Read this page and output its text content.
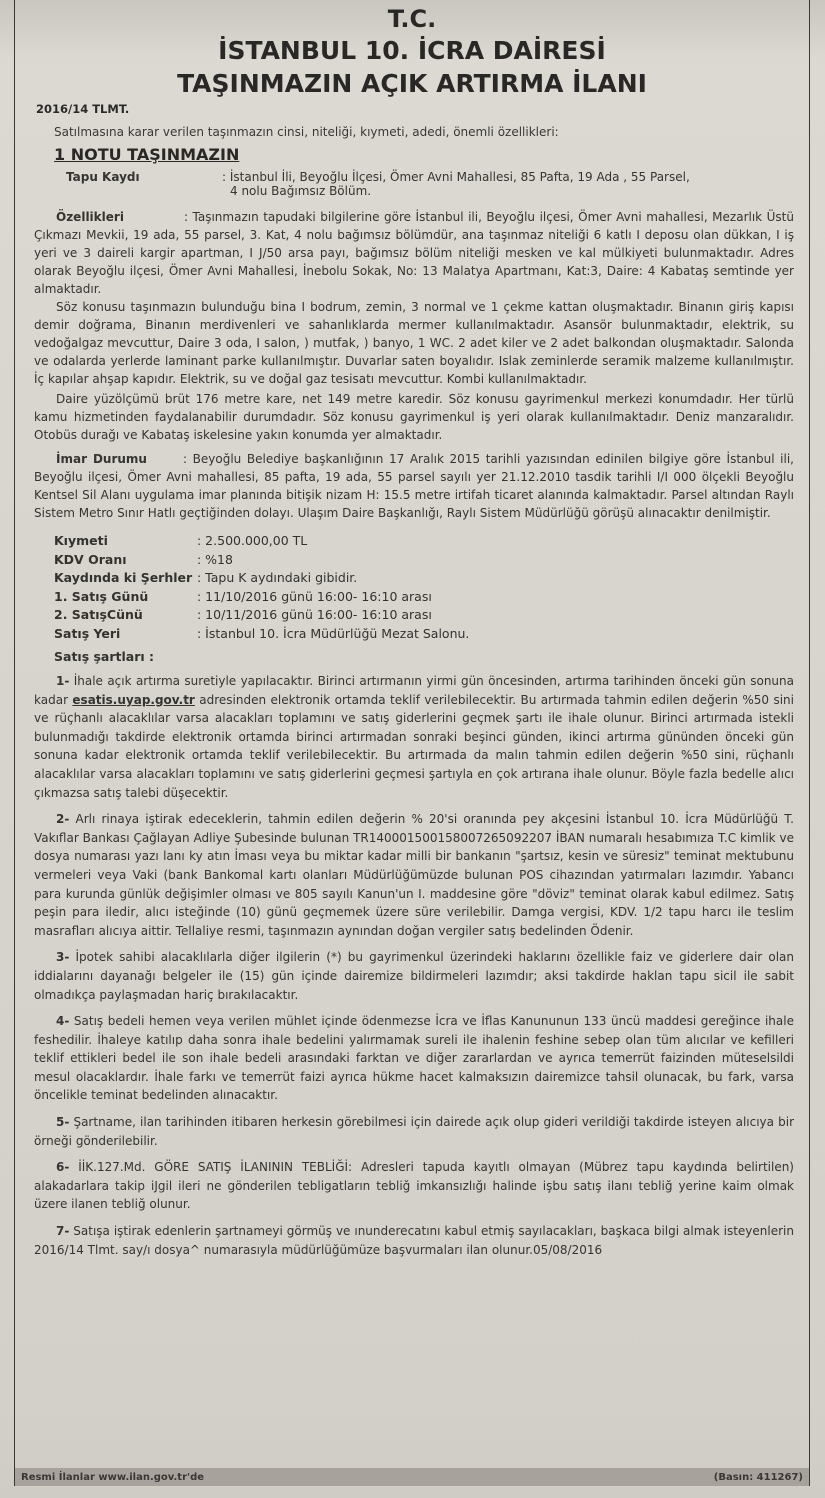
T.C.
İSTANBUL 10. İCRA DAİRESİ
TAŞINMAZIN AÇIK ARTIRMA İLANI
2016/14 TLMT.
Satılmasına karar verilen taşınmazın cinsi, niteliği, kıymeti, adedi, önemli özellikleri:
1 NOTU TAŞINMAZIN
Tapu Kaydı	: İstanbul İli, Beyoğlu İlçesi, Ömer Avni Mahallesi, 85 Pafta, 19 Ada , 55 Parsel,
4 nolu Bağımsız Bölüm.

Özellikleri	: Taşınmazın tapudaki bilgilerine göre İstanbul ili, Beyoğlu ilçesi, Ömer Avni mahallesi, Mezarlık Üstü Çıkmazı Mevkii, 19 ada, 55 parsel, 3. Kat, 4 nolu bağımsız bölümdür, ana taşınmaz niteliği 6 katlı I deposu olan dükkan, I iş yeri ve 3 daireli kargir apartman, I J/50 arsa payı, bağımsız bölüm niteliği mesken ve kal mülkiyeti bulunmaktadır. Adres olarak Beyoğlu ilçesi, Ömer Avni Mahallesi, İnebolu Sokak, No: 13 Malatya Apartmanı, Kat:3, Daire: 4 Kabataş semtinde yer almaktadır.

Söz konusu taşınmazın bulunduğu bina I bodrum, zemin, 3 normal ve 1 çekme kattan oluşmaktadır. Binanın giriş kapısı demir doğrama, Binanın merdivenleri ve sahanlıklarda mermer kullanılmaktadır. Asansör bulunmaktadır, elektrik, su vedoğalgaz mevcuttur, Daire 3 oda, I salon, ) mutfak, ) banyo, 1 WC. 2 adet kiler ve 2 adet balkondan oluşmaktadır. Salonda ve odalarda yerlerde laminant parke kullanılmıştır. Duvarlar saten boyalıdır. Islak zeminlerde seramik malzeme kullanılmıştır. İç kapılar ahşap kapıdır. Elektrik, su ve doğal gaz tesisatı mevcuttur. Kombi kullanılmaktadır.

Daire yüzölçümü brüt 176 metre kare, net 149 metre karedir. Söz konusu gayrimenkul merkezi konumdadır. Her türlü kamu hizmetinden faydalanabilir durumdadır. Söz konusu gayrimenkul iş yeri olarak kullanılmaktadır. Deniz manzaralıdır. Otobüs durağı ve Kabataş iskelesine yakın konumda yer almaktadır.

İmar Durumu	: Beyoğlu Belediye başkanlığının 17 Aralık 2015 tarihli yazısından edinilen bilgiye göre İstanbul ili, Beyoğlu ilçesi, Ömer Avni mahallesi, 85 pafta, 19 ada, 55 parsel sayılı yer 21.12.2010 tasdik tarihli I/I 000 ölçekli Beyoğlu Kentsel Sil Alanı uygulama imar planında bitişik nizam H: 15.5 metre irtifah ticaret alanında kalmaktadır. Parsel altından Raylı Sistem Metro Sınır Hatlı geçtiğinden dolayı. Ulaşım Daire Başkanlığı, Raylı Sistem Müdürlüğü görüşü alınacaktır denilmiştir.

Kıymeti	: 2.500.000,00 TL
KDV Oranı	: %18
Kaydında ki Şerhler : Tapu K aydındaki gibidir.
1. Satış Günü	: 11/10/2016 günü 16:00- 16:10 arası
2. SatışCünü	: 10/11/2016 günü 16:00- 16:10 arası
Satış Yeri	: İstanbul 10. İcra Müdürlüğü Mezat Salonu.
Satış şartları :

1- İhale açık artırma suretiyle yapılacaktır. Birinci artırmanın yirmi gün öncesinden, artırma tarihinden önceki gün sonuna kadar esatis.uyap.gov.tr adresinden elektronik ortamda teklif verilebilecektir. Bu artırmada tahmin edilen değerin %50 sini ve rüçhanlı alacaklılar varsa alacakları toplamını ve satış giderlerini geçmek şartı ile ihale olunur. Birinci artırmada istekli bulunmadığı takdirde elektronik ortamda birinci artırmadan sonraki beşinci günden, ikinci artırma gününden önceki gün sonuna kadar elektronik ortamda teklif verilebilecektir. Bu artırmada da malın tahmin edilen değerin %50 sini, rüçhanlı alacaklılar varsa alacakları toplamını ve satış giderlerini geçmesi şartıyla en çok artırana ihale olunur. Böyle fazla bedelle alıcı çıkmazsa satış talebi düşecektir.

2- Arlı rinaya iştirak edeceklerin, tahmin edilen değerin % 20'si oranında pey akçesini İstanbul 10. İcra Müdürlüğü T. Vakıflar Bankası Çağlayan Adliye Şubesinde bulunan TR140001500158007265092207 İBAN numaralı hesabımıza T.C kimlik ve dosya numarası yazı lanı ky atın İması veya bu miktar kadar milli bir bankanın "şartsız, kesin ve süresiz" teminat mektubunu vermeleri veya Vaki (bank Bankomal kartı olanları Müdürlüğümüzde bulunan POS cihazından yatırmaları lazımdır. Yabancı para kurunda günlük değişimler olması ve 805 sayılı Kanun'un I. maddesine göre "döviz" teminat olarak kabul edilmez. Satış peşin para iledir, alıcı isteğinde (10) günü geçmemek üzere süre verilebilir. Damga vergisi, KDV. 1/2 tapu harcı ile teslim masrafları alıcıya aittir. Tellaliye resmi, taşınmazın aynından doğan vergiler satış bedelinden Ödenir.

3- İpotek sahibi alacaklılarla diğer ilgilerin (*) bu gayrimenkul üzerindeki haklarını özellikle faiz ve giderlere dair olan iddialarını dayanağı belgeler ile (15) gün içinde dairemize bildirmeleri lazımdır; aksi takdirde haklan tapu sicil ile sabit olmadıkça paylaşmadan hariç bırakılacaktır.

4- Satış bedeli hemen veya verilen mühlet içinde ödenmezse İcra ve İflas Kanununun 133 üncü maddesi gereğince ihale feshedilir. İhaleye katılıp daha sonra ihale bedelini yalırmamak sureli ile ihalenin feshine sebep olan tüm alıcılar ve kefilleri teklif ettikleri bedel ile son ihale bedeli arasındaki farktan ve diğer zararlardan ve ayrıca temerrüt faizinden müteselsildi mesul olacaklardır. İhale farkı ve temerrüt faizi ayrıca hükme hacet kalmaksızın dairemizce tahsil olunacak, bu fark, varsa öncelikle teminat bedelinden alınacaktır.

5- Şartname, ilan tarihinden itibaren herkesin görebilmesi için dairede açık olup gideri verildiği takdirde isteyen alıcıya bir örneği gönderilebilir.

6- İİK.127.Md. GÖRE SATIŞ İLANININ TEBLİĞİ: Adresleri tapuda kayıtlı olmayan (Mübrez tapu kaydında belirtilen) alakadarlara takip iJgil ileri ne gönderilen tebligatların tebliğ imkansızlığı halinde işbu satış ilanı tebliğ yerine kaim olmak üzere ilanen tebliğ olunur.

7- Satışa iştirak edenlerin şartnameyi görmüş ve ınunderecatını kabul etmiş sayılacakları, başkaca bilgi almak isteyenlerin 2016/14 Tlmt. say/ı dosya^ numarasıyla müdürlüğümüze başvurmaları ilan olunur.05/08/2016

Resmi İlanlar www.ilan.gov.tr'de	(Basın: 411267)
